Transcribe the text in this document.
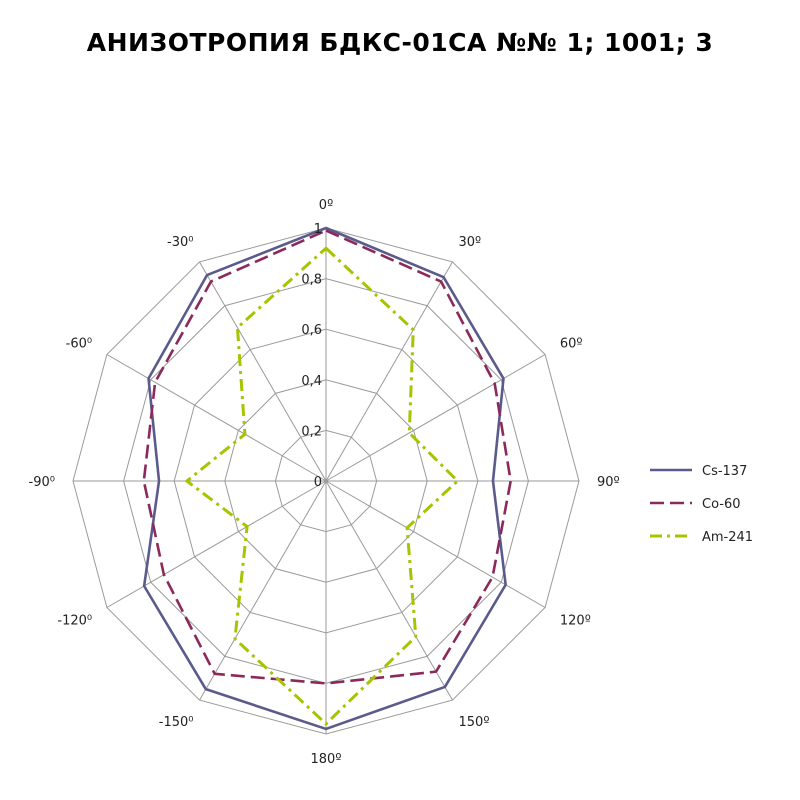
АНИЗОТРОПИЯ БДКС-01СА №№ 1; 1001; 3
0
0,2
0,4
0,6
0,8
1
0º
30º
60º
90º
120º
150º
180º
-150⁰
-120⁰
-90⁰
-60⁰
-30⁰
Cs-137
Co-60
Am-241
